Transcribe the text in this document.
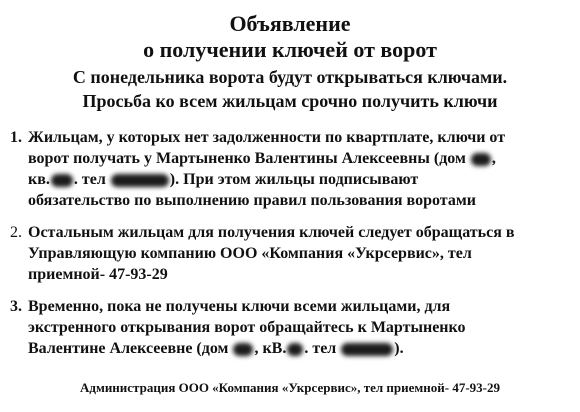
Объявление
о получении ключей от ворот
С понедельника ворота будут открываться ключами.
Просьба ко всем жильцам срочно получить ключи
1. Жильцам, у которых нет задолженности по квартплате, ключи от
ворот получать у Мартыненко Валентины Алексеевны (дом ,
кв. . тел	). При этом жильцы подписывают
обязательство по выполнению правил пользования воротами
2. Остальным жильцам для получения ключей следует обращаться в
Управляющую компанию ООО «Компания «Укрсервис», тел
приемной- 47-93-29
3. Временно, пока не получены ключи всеми жильцами, для
экстренного открывания ворот обращайтесь к Мартыненко
Валентине Алексеевне (дом , кВ. . тел	).
Администрация ООО «Компания «Укрсервис», тел приемной- 47-93-29
